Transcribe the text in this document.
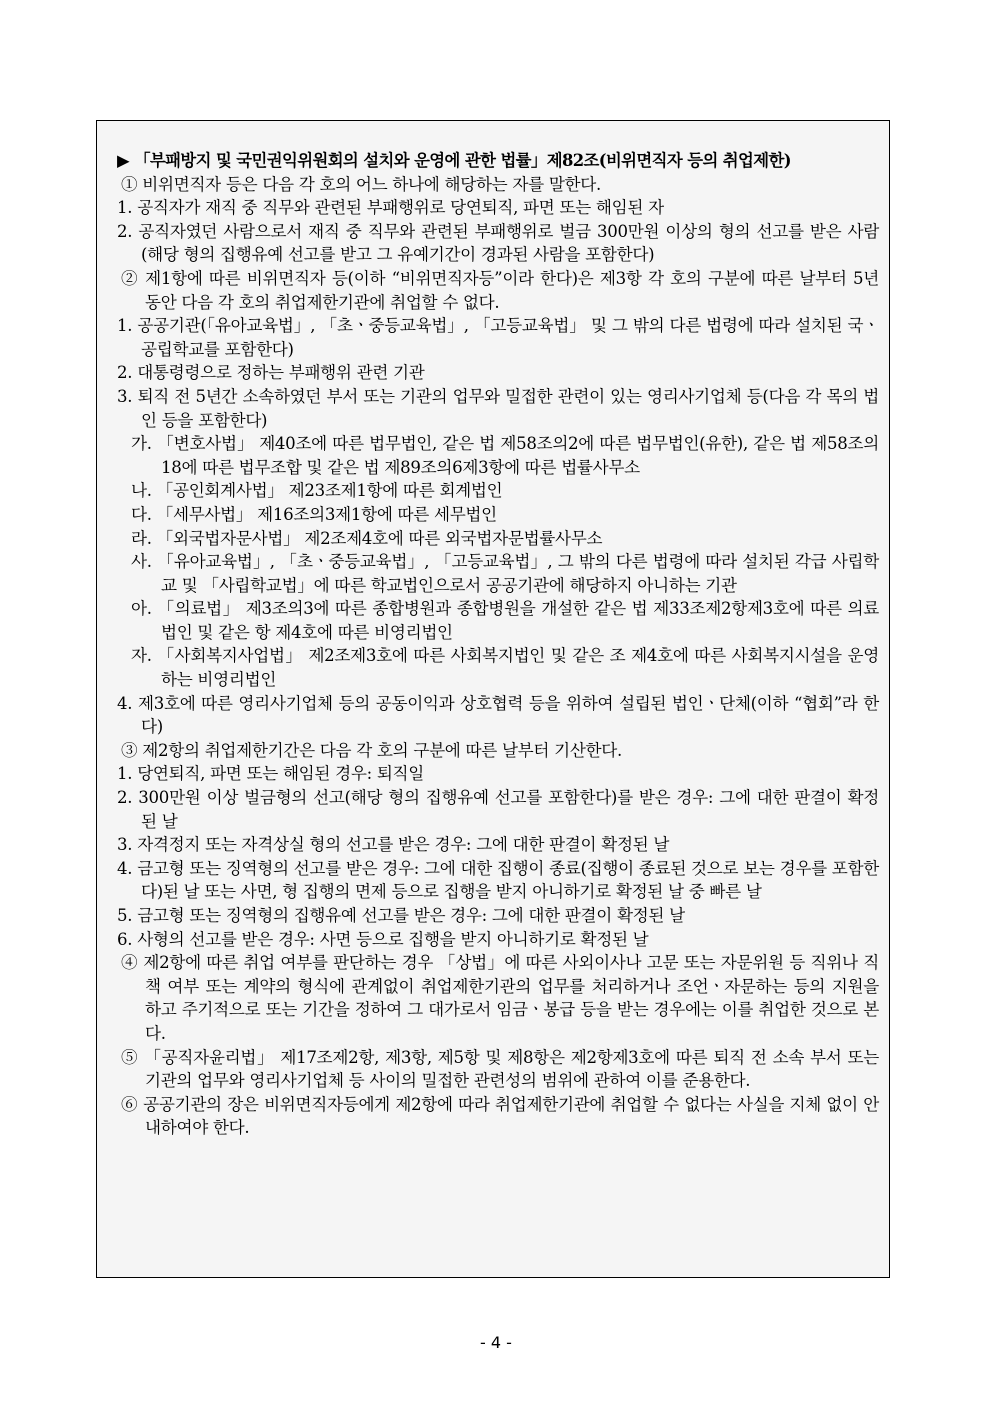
▶ 「부패방지 및 국민권익위원회의 설치와 운영에 관한 법률」제82조(비위면직자 등의 취업제한)
① 비위면직자 등은 다음 각 호의 어느 하나에 해당하는 자를 말한다.
1. 공직자가 재직 중 직무와 관련된 부패행위로 당연퇴직, 파면 또는 해임된 자
2. 공직자였던 사람으로서 재직 중 직무와 관련된 부패행위로 벌금 300만원 이상의 형의 선고를 받은 사람(해당 형의 집행유예 선고를 받고 그 유예기간이 경과된 사람을 포함한다)
② 제1항에 따른 비위면직자 등(이하 “비위면직자등”이라 한다)은 제3항 각 호의 구분에 따른 날부터 5년 동안 다음 각 호의 취업제한기관에 취업할 수 없다.
1. 공공기관(「유아교육법」, 「초ㆍ중등교육법」, 「고등교육법」 및 그 밖의 다른 법령에 따라 설치된 국ㆍ공립학교를 포함한다)
2. 대통령령으로 정하는 부패행위 관련 기관
3. 퇴직 전 5년간 소속하였던 부서 또는 기관의 업무와 밀접한 관련이 있는 영리사기업체 등(다음 각 목의 법인 등을 포함한다)
가. 「변호사법」 제40조에 따른 법무법인, 같은 법 제58조의2에 따른 법무법인(유한), 같은 법 제58조의18에 따른 법무조합 및 같은 법 제89조의6제3항에 따른 법률사무소
나. 「공인회계사법」 제23조제1항에 따른 회계법인
다. 「세무사법」 제16조의3제1항에 따른 세무법인
라. 「외국법자문사법」 제2조제4호에 따른 외국법자문법률사무소
사. 「유아교육법」, 「초ㆍ중등교육법」, 「고등교육법」, 그 밖의 다른 법령에 따라 설치된 각급 사립학교 및 「사립학교법」에 따른 학교법인으로서 공공기관에 해당하지 아니하는 기관
아. 「의료법」 제3조의3에 따른 종합병원과 종합병원을 개설한 같은 법 제33조제2항제3호에 따른 의료법인 및 같은 항 제4호에 따른 비영리법인
자. 「사회복지사업법」 제2조제3호에 따른 사회복지법인 및 같은 조 제4호에 따른 사회복지시설을 운영하는 비영리법인
4. 제3호에 따른 영리사기업체 등의 공동이익과 상호협력 등을 위하여 설립된 법인ㆍ단체(이하 “협회”라 한다)
③ 제2항의 취업제한기간은 다음 각 호의 구분에 따른 날부터 기산한다.
1. 당연퇴직, 파면 또는 해임된 경우: 퇴직일
2. 300만원 이상 벌금형의 선고(해당 형의 집행유예 선고를 포함한다)를 받은 경우: 그에 대한 판결이 확정된 날
3. 자격정지 또는 자격상실 형의 선고를 받은 경우: 그에 대한 판결이 확정된 날
4. 금고형 또는 징역형의 선고를 받은 경우: 그에 대한 집행이 종료(집행이 종료된 것으로 보는 경우를 포함한다)된 날 또는 사면, 형 집행의 면제 등으로 집행을 받지 아니하기로 확정된 날 중 빠른 날
5. 금고형 또는 징역형의 집행유예 선고를 받은 경우: 그에 대한 판결이 확정된 날
6. 사형의 선고를 받은 경우: 사면 등으로 집행을 받지 아니하기로 확정된 날
④ 제2항에 따른 취업 여부를 판단하는 경우 「상법」에 따른 사외이사나 고문 또는 자문위원 등 직위나 직책 여부 또는 계약의 형식에 관계없이 취업제한기관의 업무를 처리하거나 조언ㆍ자문하는 등의 지원을 하고 주기적으로 또는 기간을 정하여 그 대가로서 임금ㆍ봉급 등을 받는 경우에는 이를 취업한 것으로 본다.
⑤ 「공직자윤리법」 제17조제2항, 제3항, 제5항 및 제8항은 제2항제3호에 따른 퇴직 전 소속 부서 또는 기관의 업무와 영리사기업체 등 사이의 밀접한 관련성의 범위에 관하여 이를 준용한다.
⑥ 공공기관의 장은 비위면직자등에게 제2항에 따라 취업제한기관에 취업할 수 없다는 사실을 지체 없이 안내하여야 한다.
- 4 -
